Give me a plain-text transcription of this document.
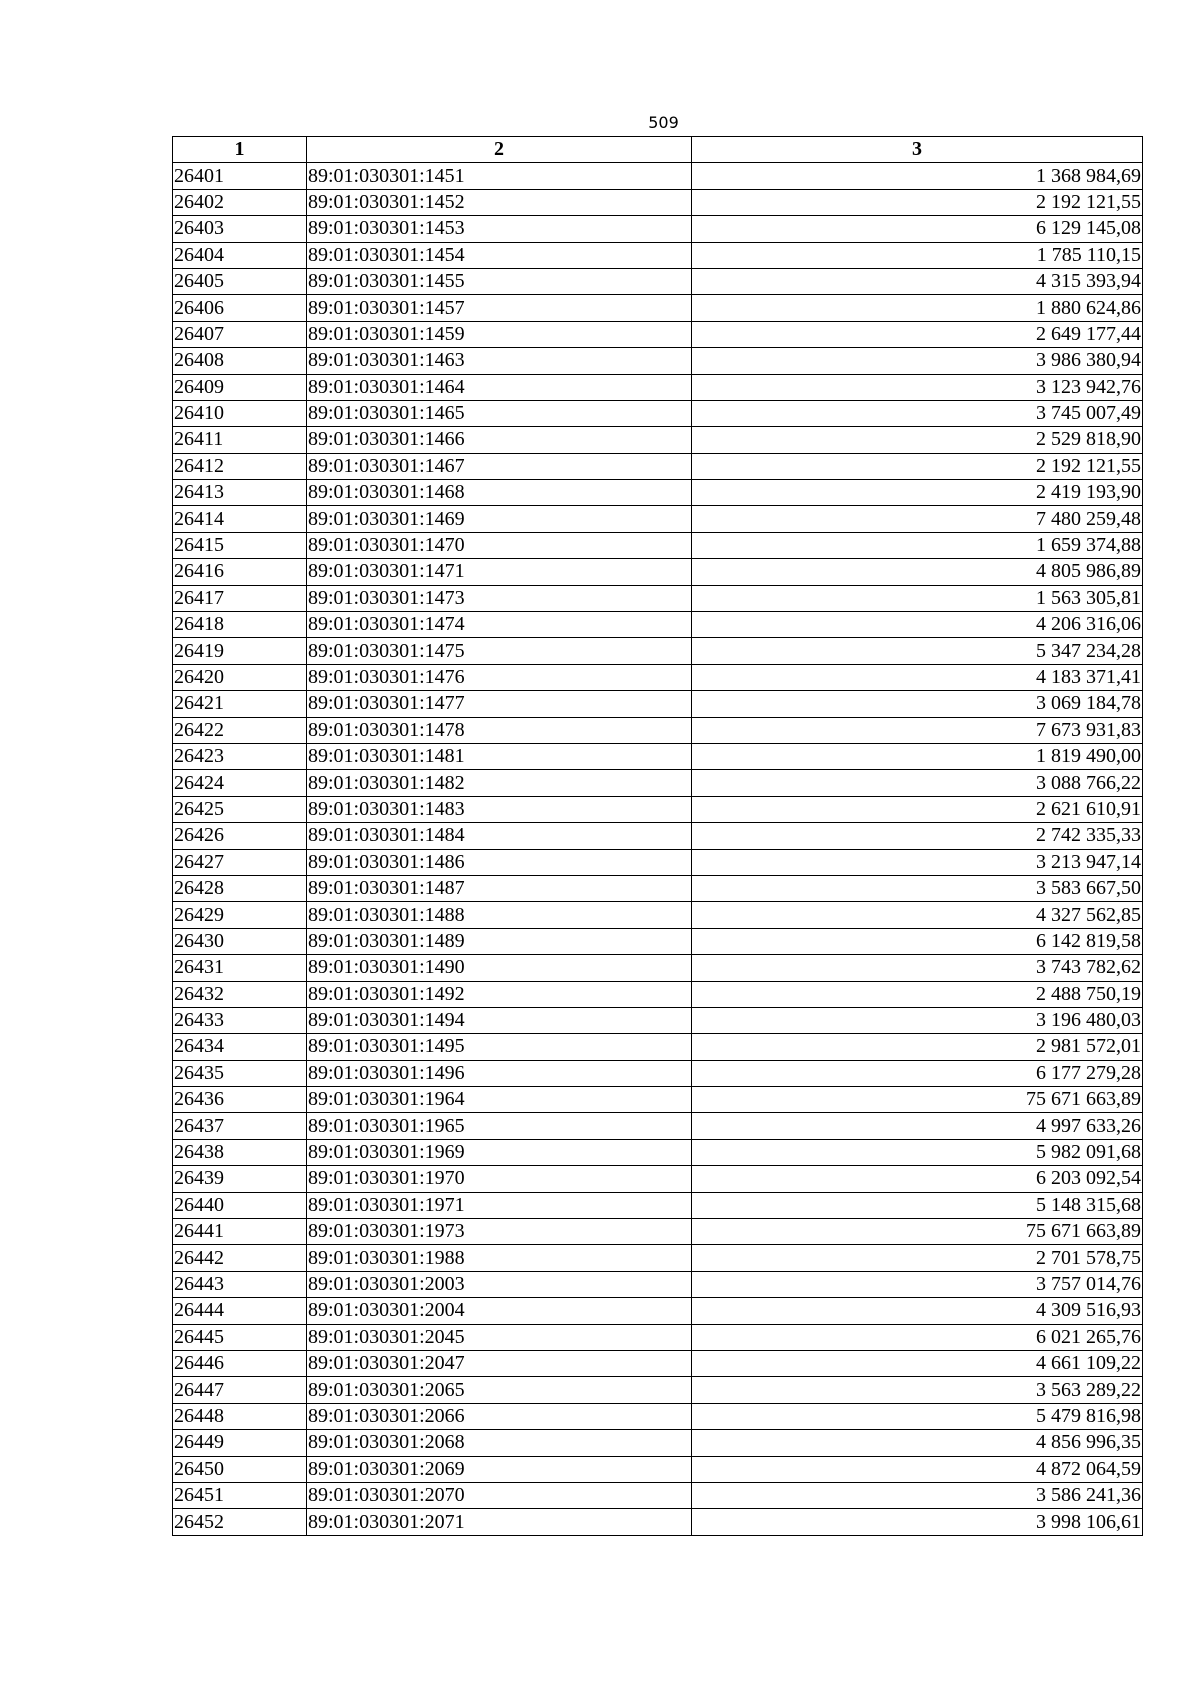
509
1	2	3
26401	89:01:030301:1451	1 368 984,69
26402	89:01:030301:1452	2 192 121,55
26403	89:01:030301:1453	6 129 145,08
26404	89:01:030301:1454	1 785 110,15
26405	89:01:030301:1455	4 315 393,94
26406	89:01:030301:1457	1 880 624,86
26407	89:01:030301:1459	2 649 177,44
26408	89:01:030301:1463	3 986 380,94
26409	89:01:030301:1464	3 123 942,76
26410	89:01:030301:1465	3 745 007,49
26411	89:01:030301:1466	2 529 818,90
26412	89:01:030301:1467	2 192 121,55
26413	89:01:030301:1468	2 419 193,90
26414	89:01:030301:1469	7 480 259,48
26415	89:01:030301:1470	1 659 374,88
26416	89:01:030301:1471	4 805 986,89
26417	89:01:030301:1473	1 563 305,81
26418	89:01:030301:1474	4 206 316,06
26419	89:01:030301:1475	5 347 234,28
26420	89:01:030301:1476	4 183 371,41
26421	89:01:030301:1477	3 069 184,78
26422	89:01:030301:1478	7 673 931,83
26423	89:01:030301:1481	1 819 490,00
26424	89:01:030301:1482	3 088 766,22
26425	89:01:030301:1483	2 621 610,91
26426	89:01:030301:1484	2 742 335,33
26427	89:01:030301:1486	3 213 947,14
26428	89:01:030301:1487	3 583 667,50
26429	89:01:030301:1488	4 327 562,85
26430	89:01:030301:1489	6 142 819,58
26431	89:01:030301:1490	3 743 782,62
26432	89:01:030301:1492	2 488 750,19
26433	89:01:030301:1494	3 196 480,03
26434	89:01:030301:1495	2 981 572,01
26435	89:01:030301:1496	6 177 279,28
26436	89:01:030301:1964	75 671 663,89
26437	89:01:030301:1965	4 997 633,26
26438	89:01:030301:1969	5 982 091,68
26439	89:01:030301:1970	6 203 092,54
26440	89:01:030301:1971	5 148 315,68
26441	89:01:030301:1973	75 671 663,89
26442	89:01:030301:1988	2 701 578,75
26443	89:01:030301:2003	3 757 014,76
26444	89:01:030301:2004	4 309 516,93
26445	89:01:030301:2045	6 021 265,76
26446	89:01:030301:2047	4 661 109,22
26447	89:01:030301:2065	3 563 289,22
26448	89:01:030301:2066	5 479 816,98
26449	89:01:030301:2068	4 856 996,35
26450	89:01:030301:2069	4 872 064,59
26451	89:01:030301:2070	3 586 241,36
26452	89:01:030301:2071	3 998 106,61
